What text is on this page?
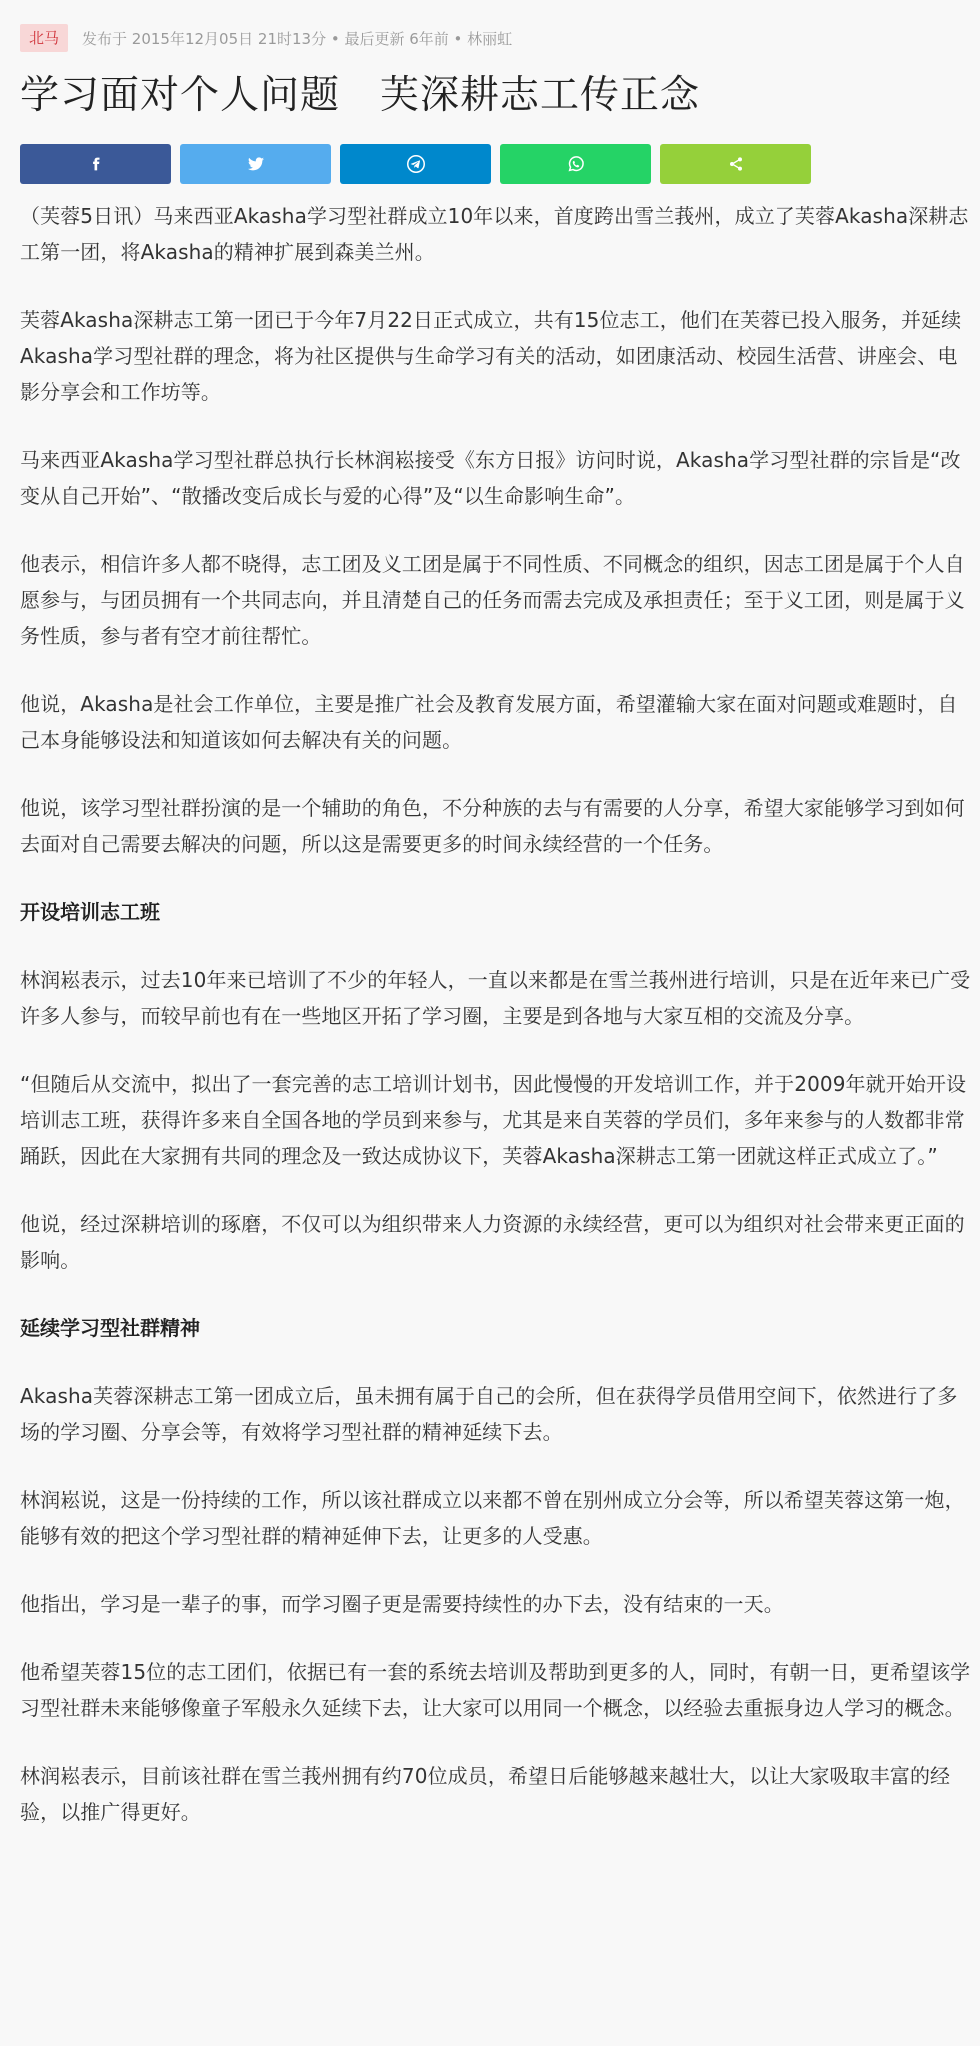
北马	发布于 2015年12月05日 21时13分 • 最后更新 6年前 • 林丽虹
学习面对个人问题　芙深耕志工传正念

（芙蓉5日讯）马来西亚Akasha学习型社群成立10年以来，首度跨出雪兰莪州，成立了芙蓉Akasha深耕志工第一团，将Akasha的精神扩展到森美兰州。

芙蓉Akasha深耕志工第一团已于今年7月22日正式成立，共有15位志工，他们在芙蓉已投入服务，并延续Akasha学习型社群的理念，将为社区提供与生命学习有关的活动，如团康活动、校园生活营、讲座会、电影分享会和工作坊等。

马来西亚Akasha学习型社群总执行长林润崧接受《东方日报》访问时说，Akasha学习型社群的宗旨是“改变从自己开始”、“散播改变后成长与爱的心得”及“以生命影响生命”。

他表示，相信许多人都不晓得，志工团及义工团是属于不同性质、不同概念的组织，因志工团是属于个人自愿参与，与团员拥有一个共同志向，并且清楚自己的任务而需去完成及承担责任；至于义工团，则是属于义务性质，参与者有空才前往帮忙。

他说，Akasha是社会工作单位，主要是推广社会及教育发展方面，希望灌输大家在面对问题或难题时，自己本身能够设法和知道该如何去解决有关的问题。

他说，该学习型社群扮演的是一个辅助的角色，不分种族的去与有需要的人分享，希望大家能够学习到如何去面对自己需要去解决的问题，所以这是需要更多的时间永续经营的一个任务。

开设培训志工班

林润崧表示，过去10年来已培训了不少的年轻人，一直以来都是在雪兰莪州进行培训，只是在近年来已广受许多人参与，而较早前也有在一些地区开拓了学习圈，主要是到各地与大家互相的交流及分享。

“但随后从交流中，拟出了一套完善的志工培训计划书，因此慢慢的开发培训工作，并于2009年就开始开设培训志工班，获得许多来自全国各地的学员到来参与，尤其是来自芙蓉的学员们，多年来参与的人数都非常踊跃，因此在大家拥有共同的理念及一致达成协议下，芙蓉Akasha深耕志工第一团就这样正式成立了。”

他说，经过深耕培训的琢磨，不仅可以为组织带来人力资源的永续经营，更可以为组织对社会带来更正面的影响。

延续学习型社群精神

Akasha芙蓉深耕志工第一团成立后，虽未拥有属于自己的会所，但在获得学员借用空间下，依然进行了多场的学习圈、分享会等，有效将学习型社群的精神延续下去。

林润崧说，这是一份持续的工作，所以该社群成立以来都不曾在别州成立分会等，所以希望芙蓉这第一炮，能够有效的把这个学习型社群的精神延伸下去，让更多的人受惠。

他指出，学习是一辈子的事，而学习圈子更是需要持续性的办下去，没有结束的一天。

他希望芙蓉15位的志工团们，依据已有一套的系统去培训及帮助到更多的人，同时，有朝一日，更希望该学习型社群未来能够像童子军般永久延续下去，让大家可以用同一个概念，以经验去重振身边人学习的概念。

林润崧表示，目前该社群在雪兰莪州拥有约70位成员，希望日后能够越来越壮大，以让大家吸取丰富的经验，以推广得更好。
